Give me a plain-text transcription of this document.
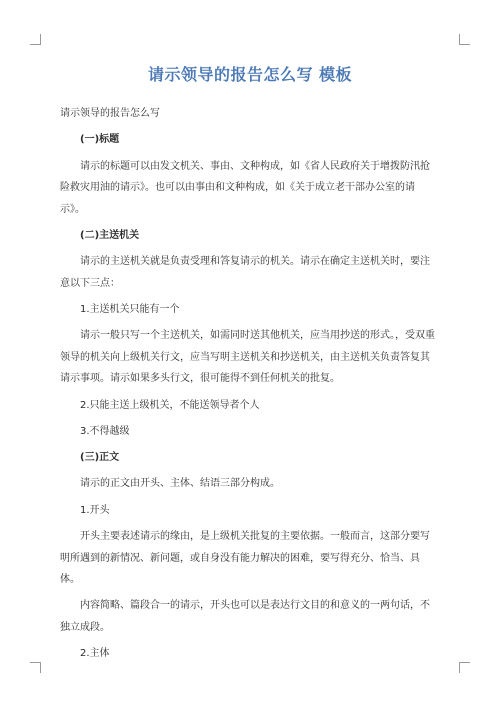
请示领导的报告怎么写 模板

请示领导的报告怎么写

(一)标题

请示的标题可以由发文机关、事由、文种构成，如《省人民政府关于增拨防汛抢险救灾用油的请示》。也可以由事由和文种构成，如《关于成立老干部办公室的请示》。

(二)主送机关

请示的主送机关就是负责受理和答复请示的机关。请示在确定主送机关时，要注意以下三点：

1.主送机关只能有一个

请示一般只写一个主送机关，如需同时送其他机关，应当用抄送的形式。，受双重领导的机关向上级机关行文，应当写明主送机关和抄送机关，由主送机关负责答复其请示事项。请示如果多头行文，很可能得不到任何机关的批复。

2.只能主送上级机关，不能送领导者个人

3.不得越级

(三)正文

请示的正文由开头、主体、结语三部分构成。

1.开头

开头主要表述请示的缘由，是上级机关批复的主要依据。一般而言，这部分要写明所遇到的新情况、新问题，或自身没有能力解决的困难，要写得充分、恰当、具体。

内容简略、篇段合一的请示，开头也可以是表达行文目的和意义的一两句话，不独立成段。

2.主体
